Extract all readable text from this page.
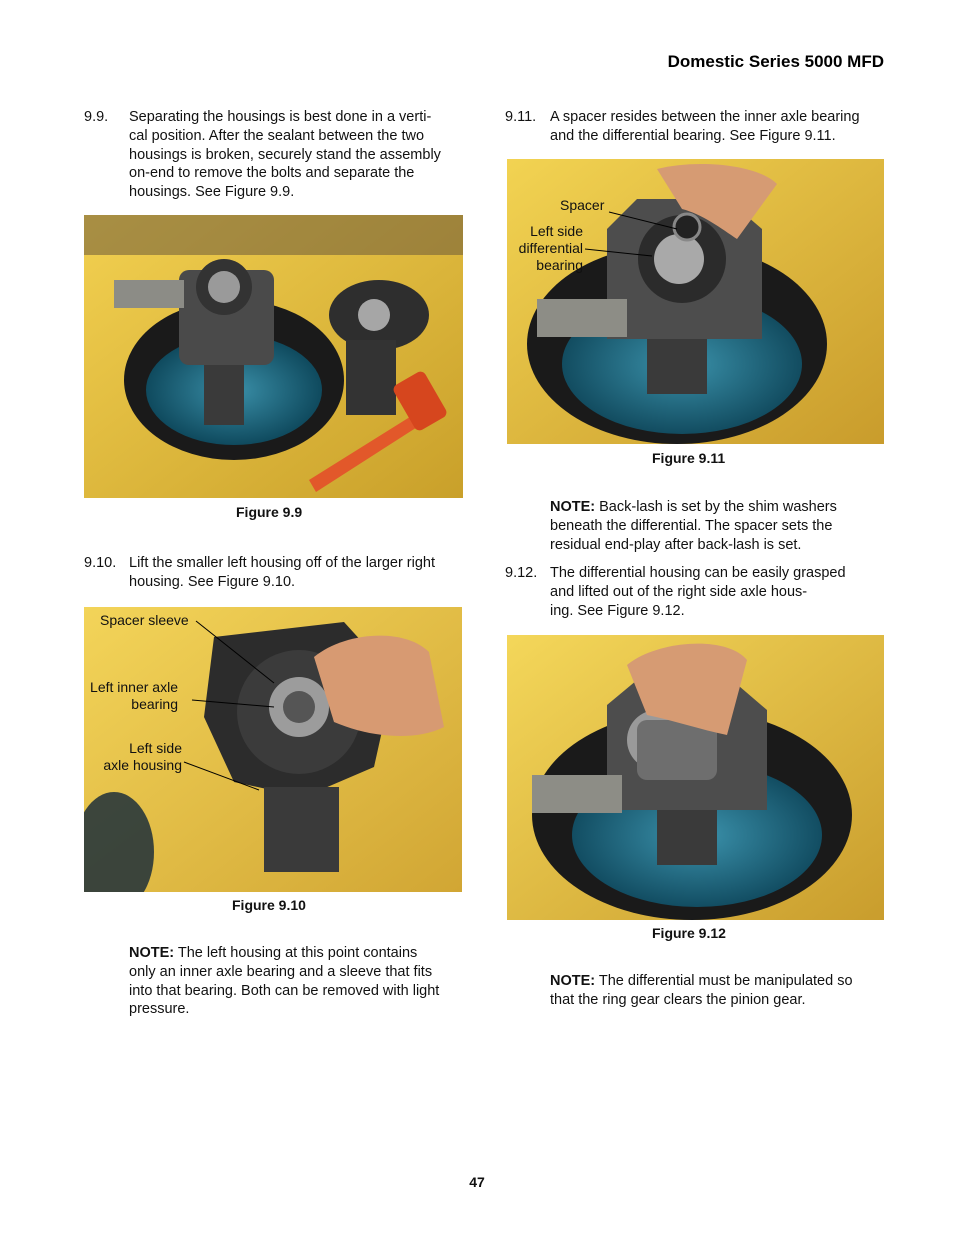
Domestic Series 5000 MFD
9.9. Separating the housings is best done in a verti-
cal position. After the sealant between the two
housings is broken, securely stand the assembly
on-end to remove the bolts and separate the
housings. See Figure 9.9.
Figure 9.9
9.10. Lift the smaller left housing off of the larger right
housing. See Figure 9.10.
Spacer sleeve
Left inner axle
bearing
Left side
axle housing
Figure 9.10
NOTE: The left housing at this point contains
only an inner axle bearing and a sleeve that fits
into that bearing. Both can be removed with light
pressure.
9.11. A spacer resides between the inner axle bearing
and the differential bearing. See Figure 9.11.
Spacer
Left side
differential
bearing
Figure 9.11
NOTE: Back-lash is set by the shim washers
beneath the differential. The spacer sets the
residual end-play after back-lash is set.
9.12. The differential housing can be easily grasped
and lifted out of the right side axle hous-
ing. See Figure 9.12.
Figure 9.12
NOTE: The differential must be manipulated so
that the ring gear clears the pinion gear.
47
